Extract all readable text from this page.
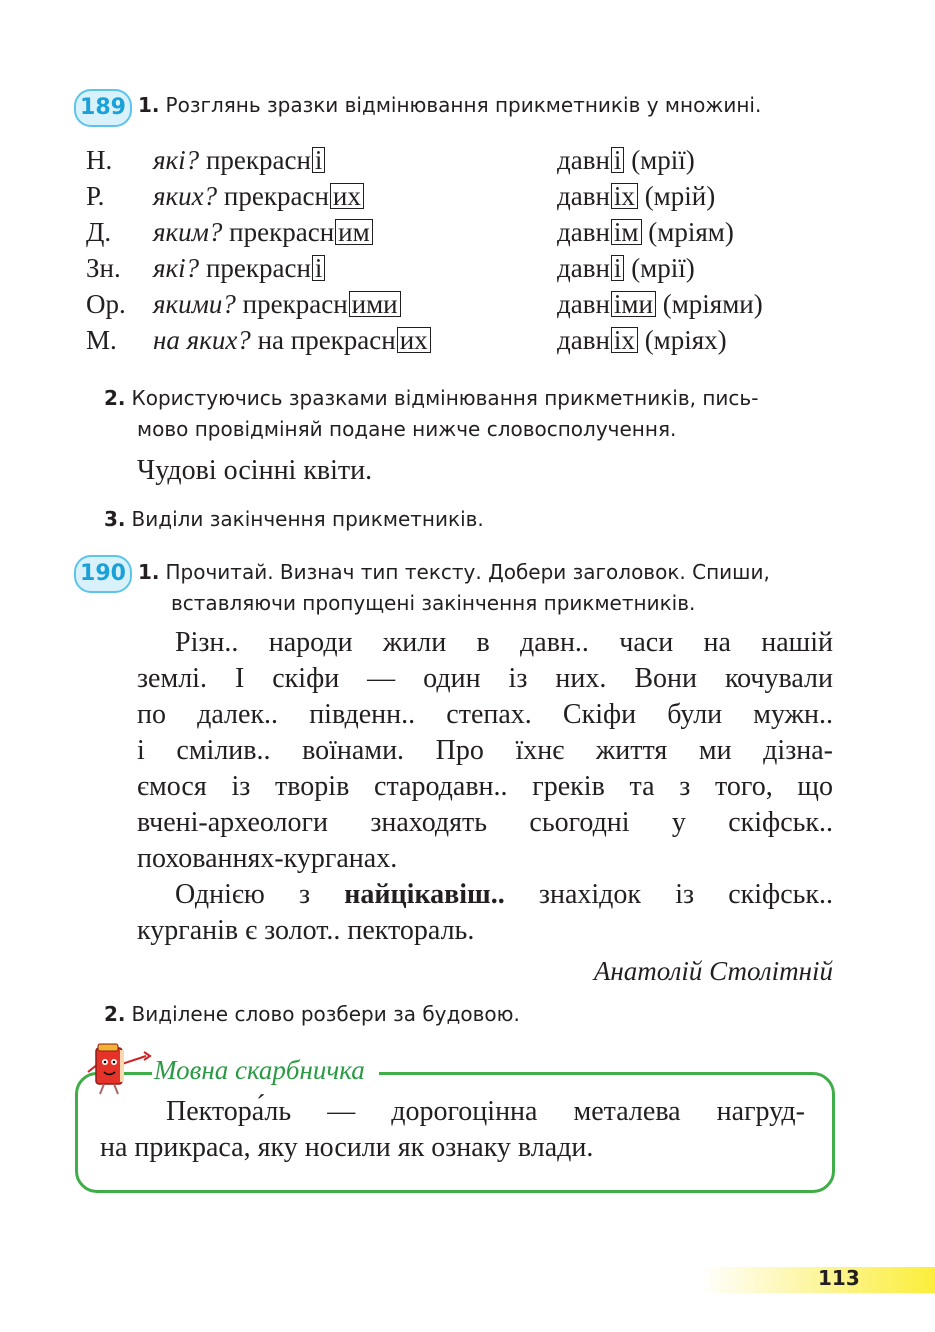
189 1. Розглянь зразки відмінювання прикметників у множині.
Н. які? прекрасн і	давн і (мрії)
Р. яких? прекрасн их	давн іх (мрій)
Д. яким? прекрасн им	давн ім (мріям)
Зн. які? прекрасн і	давн і (мрії)
Ор. якими? прекрасн ими	давн іми (мріями)
М. на яких? на прекрасн их	давн іх (мріях)
2. Користуючись зразками відмінювання прикметників, пись-
мово провідміняй подане нижче словосполучення.
Чудові осінні квіти.
3. Виділи закінчення прикметників.
190 1. Прочитай. Визнач тип тексту. Добери заголовок. Спиши,
вставляючи пропущені закінчення прикметників.
Різн.. народи жили в давн.. часи на нашій
землі. І скіфи — один із них. Вони кочували
по далек.. південн.. степах. Скіфи були мужн..
і смілив.. воїнами. Про їхнє життя ми дізна-
ємося із творів стародавн.. греків та з того, що
вчені-археологи знаходять сьогодні у скіфськ..
похованнях-курганах.
Однією з найцікавіш.. знахідок із скіфськ..
курганів є золот.. пектораль.
Анатолій Столітній
2. Виділене слово розбери за будовою.
Мовна скарбничка
Пектора́ль — дорогоцінна металева нагруд-
на прикраса, яку носили як ознаку влади.
113
